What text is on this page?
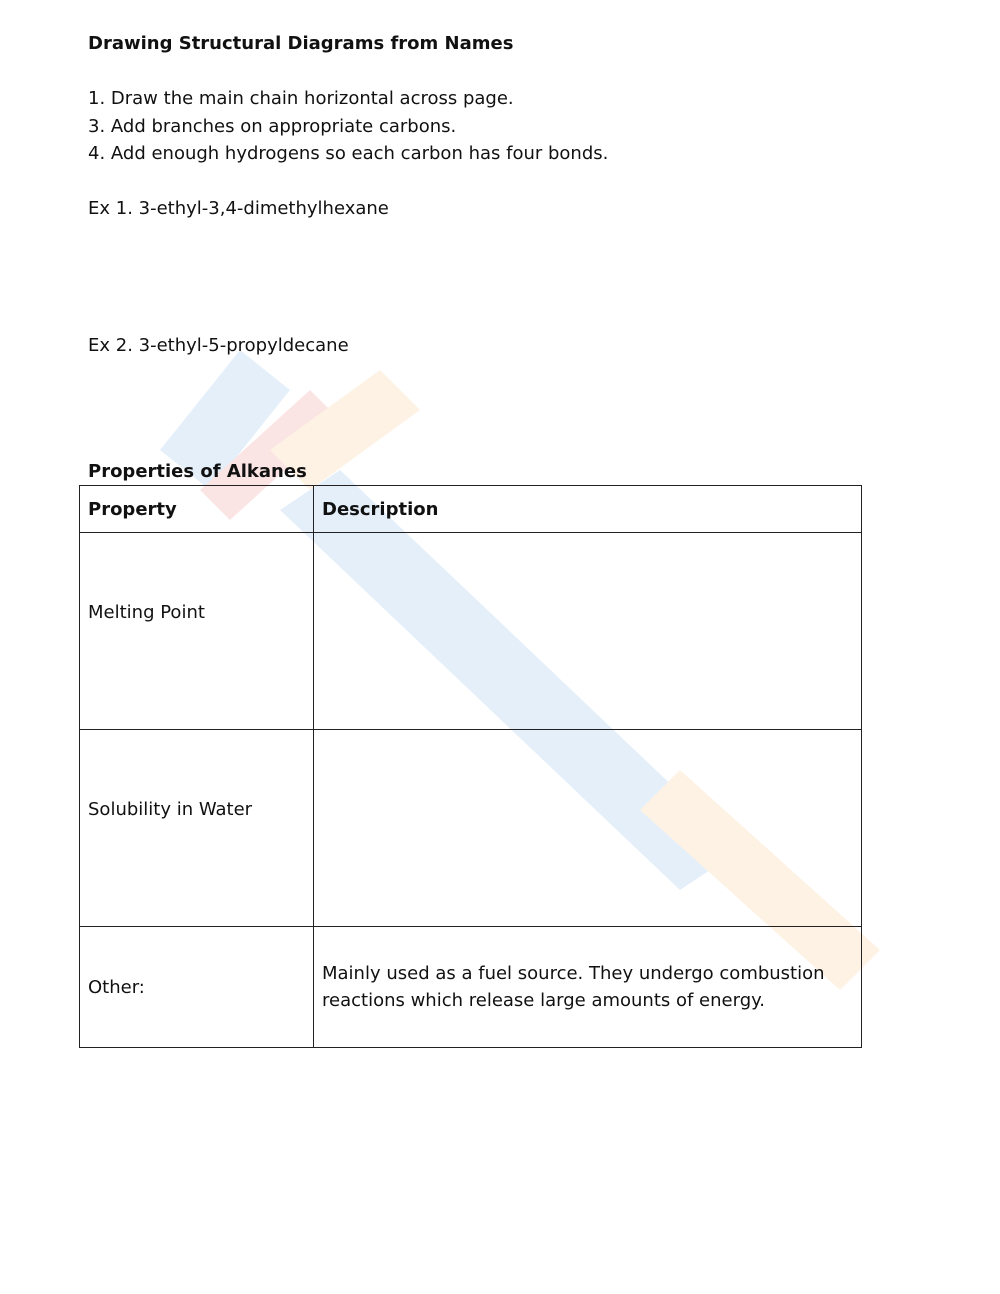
Drawing Structural Diagrams from Names

1. Draw the main chain horizontal across page.

3. Add branches on appropriate carbons.

4. Add enough hydrogens so each carbon has four bonds.

Ex 1. 3-ethyl-3,4-dimethylhexane

Ex 2. 3-ethyl-5-propyldecane

Properties of Alkanes

Property	Description
Melting Point	
Solubility in Water	
Other:	Mainly used as a fuel source. They undergo combustion reactions which release large amounts of energy.
